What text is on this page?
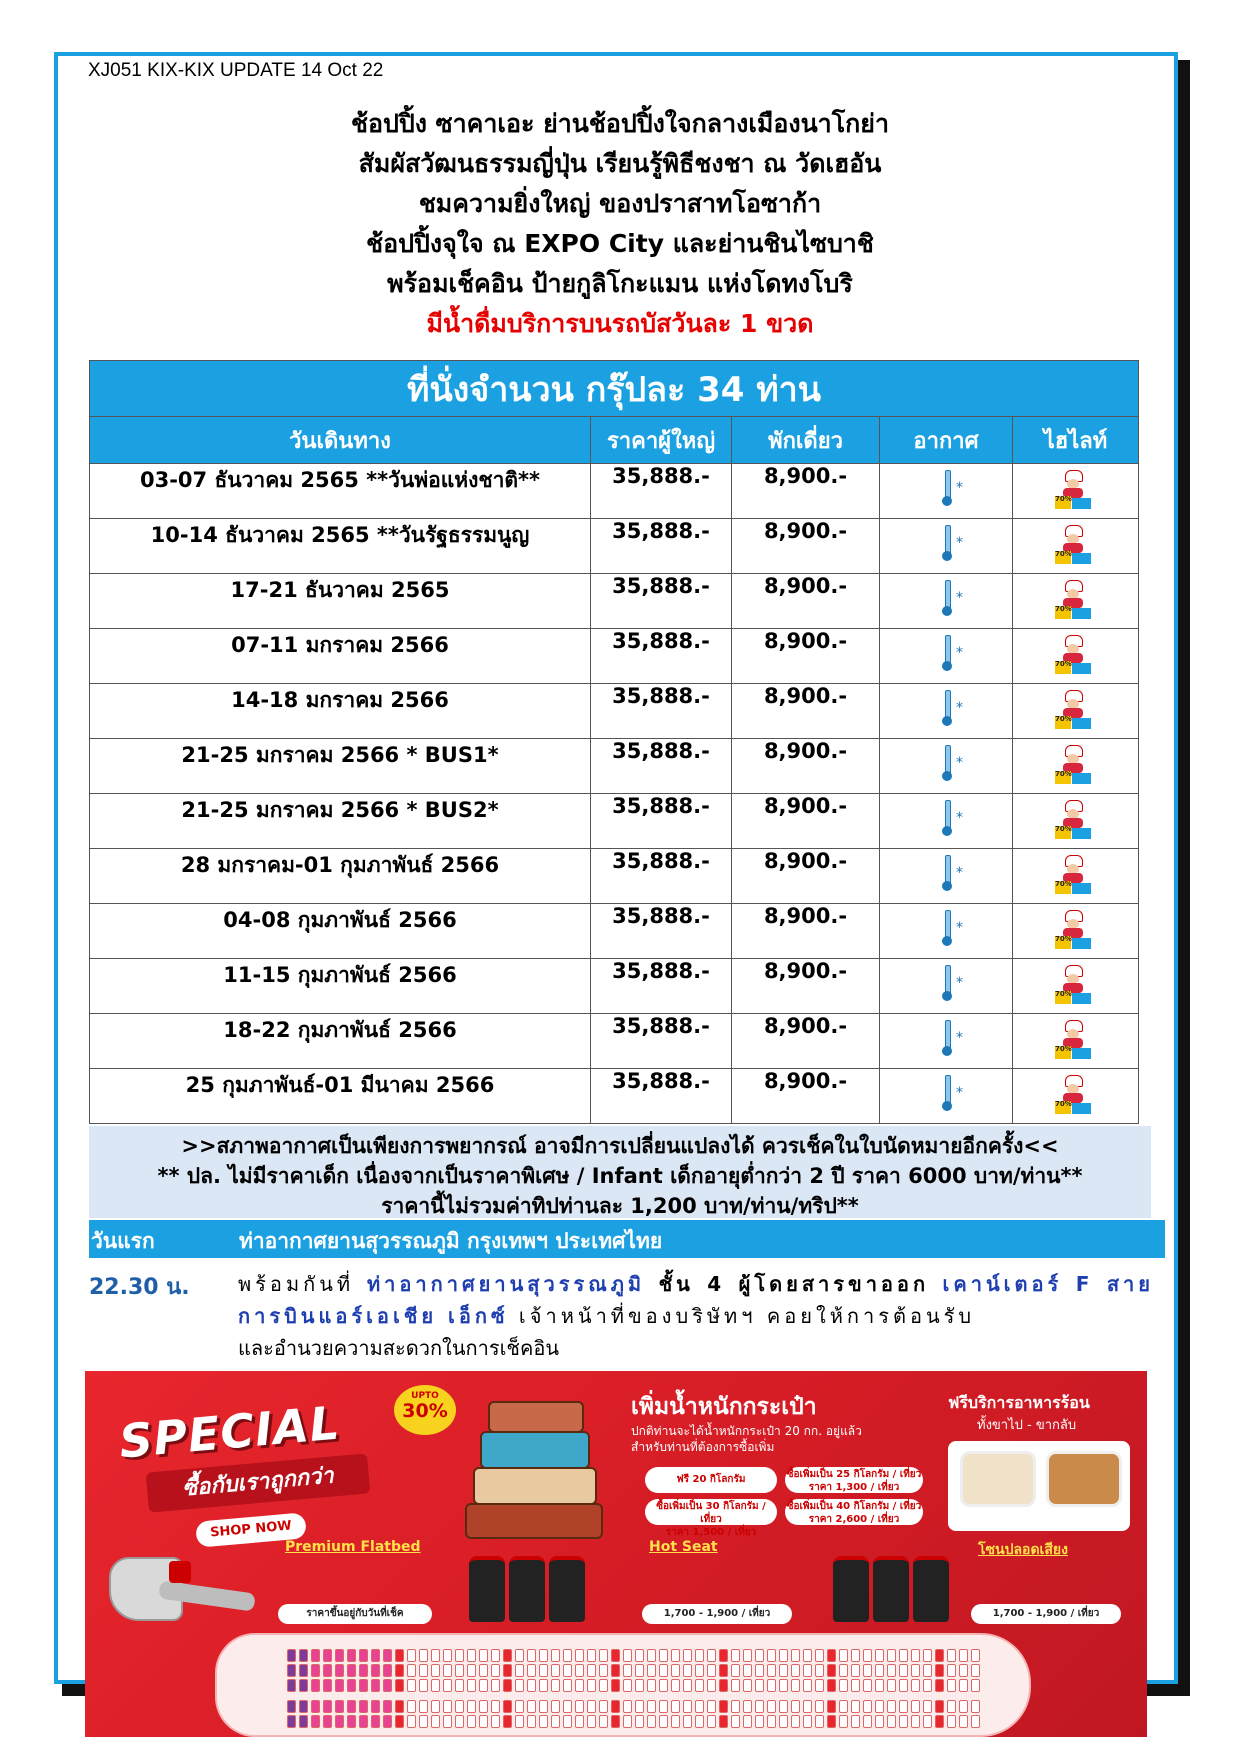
XJ051 KIX-KIX UPDATE 14 Oct 22
ช้อปปิ้ง ซาคาเอะ ย่านช้อปปิ้งใจกลางเมืองนาโกย่า
สัมผัสวัฒนธรรมญี่ปุ่น เรียนรู้พิธีชงชา ณ วัดเฮอัน
ชมความยิ่งใหญ่ ของปราสาทโอซาก้า
ช้อปปิ้งจุใจ ณ EXPO City และย่านชินไซบาชิ
พร้อมเช็คอิน ป้ายกูลิโกะแมน แห่งโดทงโบริ
มีน้ำดื่มบริการบนรถบัสวันละ 1 ขวด
ที่นั่งจำนวน กรุ๊ปละ 34 ท่าน				
วันเดินทาง	ราคาผู้ใหญ่	พักเดี่ยว	อากาศ	ไฮไลท์
03-07 ธันวาคม 2565 **วันพ่อแห่งชาติ**	35,888.-	8,900.-	*	70%

10-14 ธันวาคม 2565 **วันรัฐธรรมนูญ	35,888.-	8,900.-	*	70%

17-21 ธันวาคม 2565	35,888.-	8,900.-	*	70%

07-11 มกราคม 2566	35,888.-	8,900.-	*	70%

14-18 มกราคม 2566	35,888.-	8,900.-	*	70%

21-25 มกราคม 2566 * BUS1*	35,888.-	8,900.-	*	70%

21-25 มกราคม 2566 * BUS2*	35,888.-	8,900.-	*	70%

28 มกราคม-01 กุมภาพันธ์ 2566	35,888.-	8,900.-	*	70%

04-08 กุมภาพันธ์ 2566	35,888.-	8,900.-	*	70%

11-15 กุมภาพันธ์ 2566	35,888.-	8,900.-	*	70%

18-22 กุมภาพันธ์ 2566	35,888.-	8,900.-	*	70%

25 กุมภาพันธ์-01 มีนาคม 2566	35,888.-	8,900.-	*	70%
>>สภาพอากาศเป็นเพียงการพยากรณ์ อาจมีการเปลี่ยนแปลงได้ ควรเช็คในใบนัดหมายอีกครั้ง<<
** ปล. ไม่มีราคาเด็ก เนื่องจากเป็นราคาพิเศษ / Infant เด็กอายุต่ำกว่า 2 ปี ราคา 6000 บาท/ท่าน**
ราคานี้ไม่รวมค่าทิปท่านละ 1,200 บาท/ท่าน/ทริป**
วันแรก	ท่าอากาศยานสุวรรณภูมิ กรุงเทพฯ ประเทศไทย
22.30 น. พร้อมกันที่ ท่าอากาศยานสุวรรณภูมิ ชั้น 4 ผู้โดยสารขาออก เคาน์เตอร์ F สายการบินแอร์เอเชีย เอ็กซ์ เจ้าหน้าที่ของบริษัทฯ คอยให้การต้อนรับ
และอำนวยความสะดวกในการเช็คอิน
SPECIAL	UPTO
30%
ซื้อกับเราถูกกว่า
SHOP NOW
เพิ่มน้ำหนักกระเป๋า
ปกติท่านจะได้น้ำหนักกระเป๋า 20 กก. อยู่แล้ว
สำหรับท่านที่ต้องการซื้อเพิ่ม
ฟรี 20 กิโลกรัม	ซื้อเพิ่มเป็น 25 กิโลกรัม / เที่ยว
ราคา 1,300 / เที่ยว
ซื้อเพิ่มเป็น 30 กิโลกรัม / เที่ยว
ราคา 1,500 / เที่ยว
ซื้อเพิ่มเป็น 40 กิโลกรัม / เที่ยว
ราคา 2,600 / เที่ยว
ฟรีบริการอาหารร้อน
ทั้งขาไป - ขากลับ
Premium Flatbed
ราคาขึ้นอยู่กับวันที่เช็ค
Hot Seat
1,700 - 1,900 / เที่ยว
โซนปลอดเสียง
1,700 - 1,900 / เที่ยว
